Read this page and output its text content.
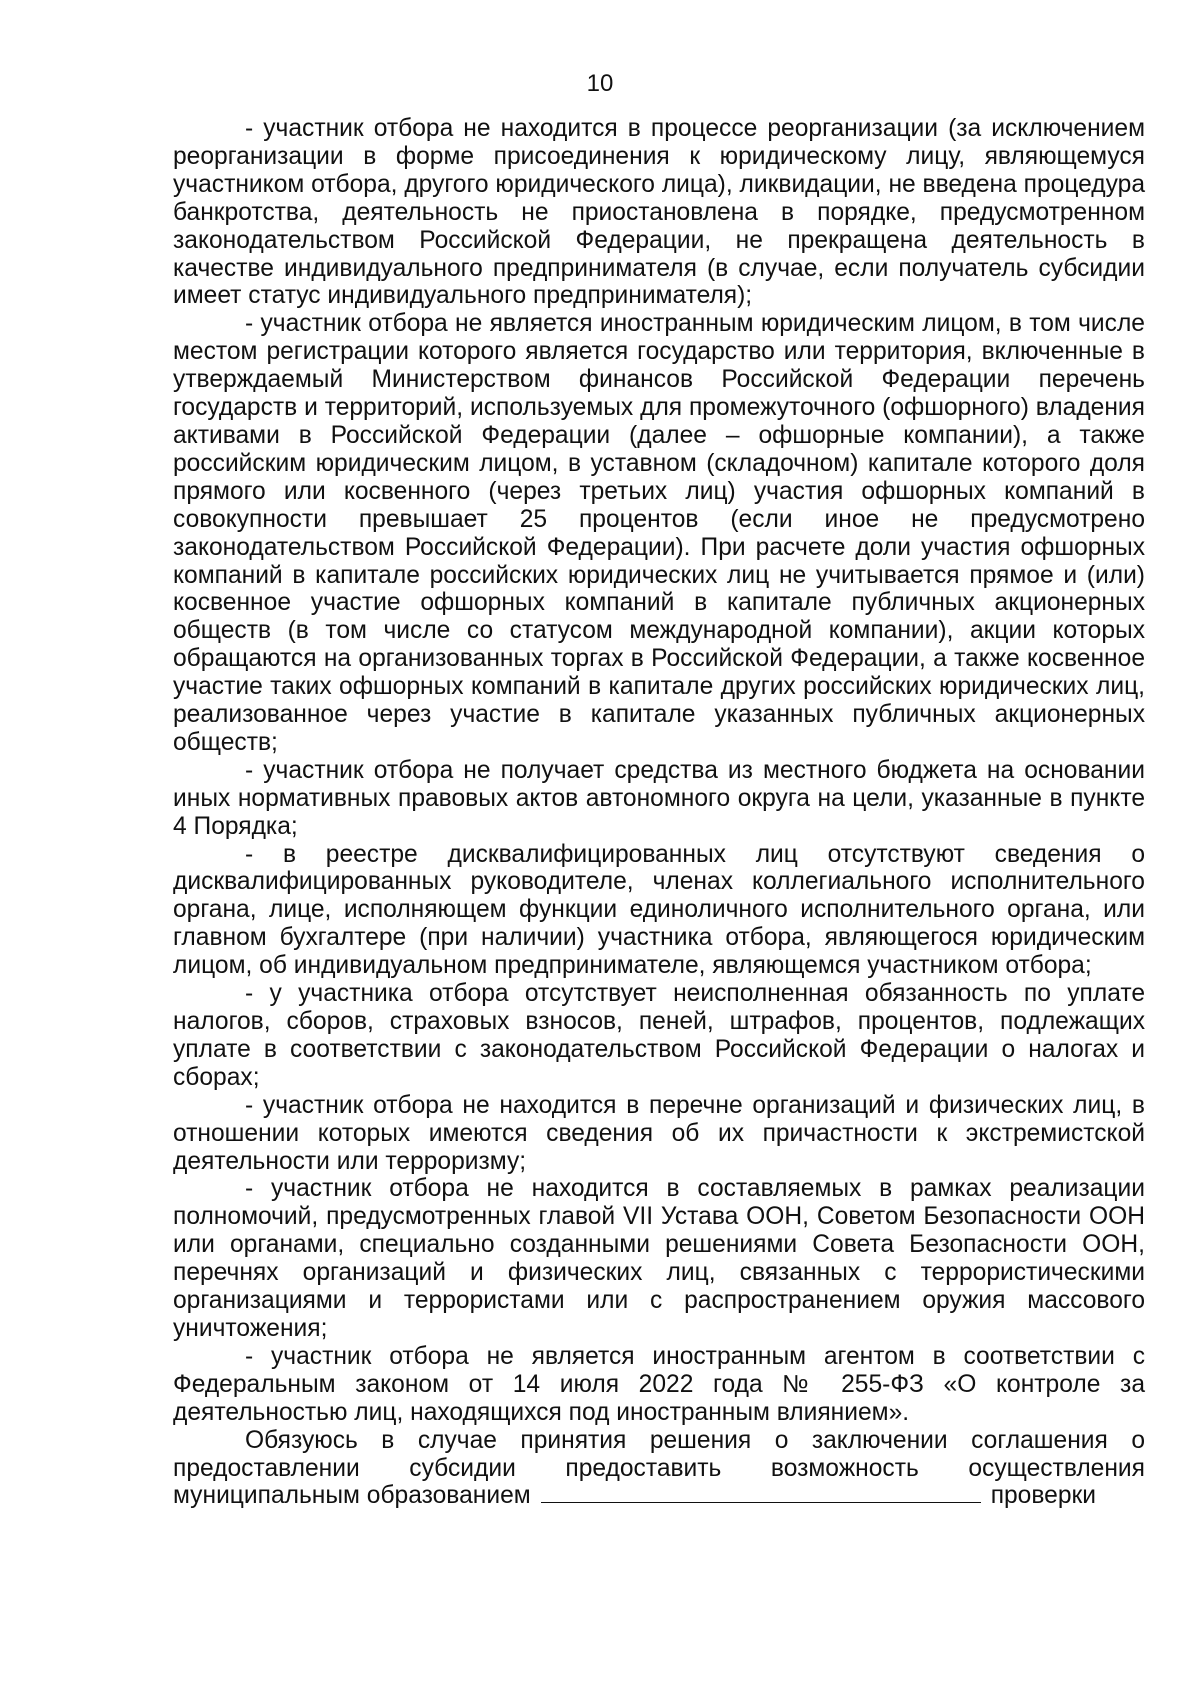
10

- участник отбора не находится в процессе реорганизации (за исключением реорганизации в форме присоединения к юридическому лицу, являющемуся участником отбора, другого юридического лица), ликвидации, не введена процедура банкротства, деятельность не приостановлена в порядке, предусмотренном законодательством Российской Федерации, не прекращена деятельность в качестве индивидуального предпринимателя (в случае, если получатель субсидии имеет статус индивидуального предпринимателя);

- участник отбора не является иностранным юридическим лицом, в том числе местом регистрации которого является государство или территория, включенные в утверждаемый Министерством финансов Российской Федерации перечень государств и территорий, используемых для промежуточного (офшорного) владения активами в Российской Федерации (далее – офшорные компании), а также российским юридическим лицом, в уставном (складочном) капитале которого доля прямого или косвенного (через третьих лиц) участия офшорных компаний в совокупности превышает 25 процентов (если иное не предусмотрено законодательством Российской Федерации). При расчете доли участия офшорных компаний в капитале российских юридических лиц не учитывается прямое и (или) косвенное участие офшорных компаний в капитале публичных акционерных обществ (в том числе со статусом международной компании), акции которых обращаются на организованных торгах в Российской Федерации, а также косвенное участие таких офшорных компаний в капитале других российских юридических лиц, реализованное через участие в капитале указанных публичных акционерных обществ;

- участник отбора не получает средства из местного бюджета на основании иных нормативных правовых актов автономного округа на цели, указанные в пункте 4 Порядка;

- в реестре дисквалифицированных лиц отсутствуют сведения о дисквалифицированных руководителе, членах коллегиального исполнительного органа, лице, исполняющем функции единоличного исполнительного органа, или главном бухгалтере (при наличии) участника отбора, являющегося юридическим лицом, об индивидуальном предпринимателе, являющемся участником отбора;

- у участника отбора отсутствует неисполненная обязанность по уплате налогов, сборов, страховых взносов, пеней, штрафов, процентов, подлежащих уплате в соответствии с законодательством Российской Федерации о налогах и сборах;

- участник отбора не находится в перечне организаций и физических лиц, в отношении которых имеются сведения об их причастности к экстремистской деятельности или терроризму;

- участник отбора не находится в составляемых в рамках реализации полномочий, предусмотренных главой VII Устава ООН, Советом Безопасности ООН или органами, специально созданными решениями Совета Безопасности ООН, перечнях организаций и физических лиц, связанных с террористическими организациями и террористами или с распространением оружия массового уничтожения;

- участник отбора не является иностранным агентом в соответствии с Федеральным законом от 14 июля 2022 года № 255-ФЗ «О контроле за деятельностью лиц, находящихся под иностранным влиянием».

Обязуюсь в случае принятия решения о заключении соглашения о предоставлении субсидии предоставить возможность осуществления муниципальным образованием	проверки
